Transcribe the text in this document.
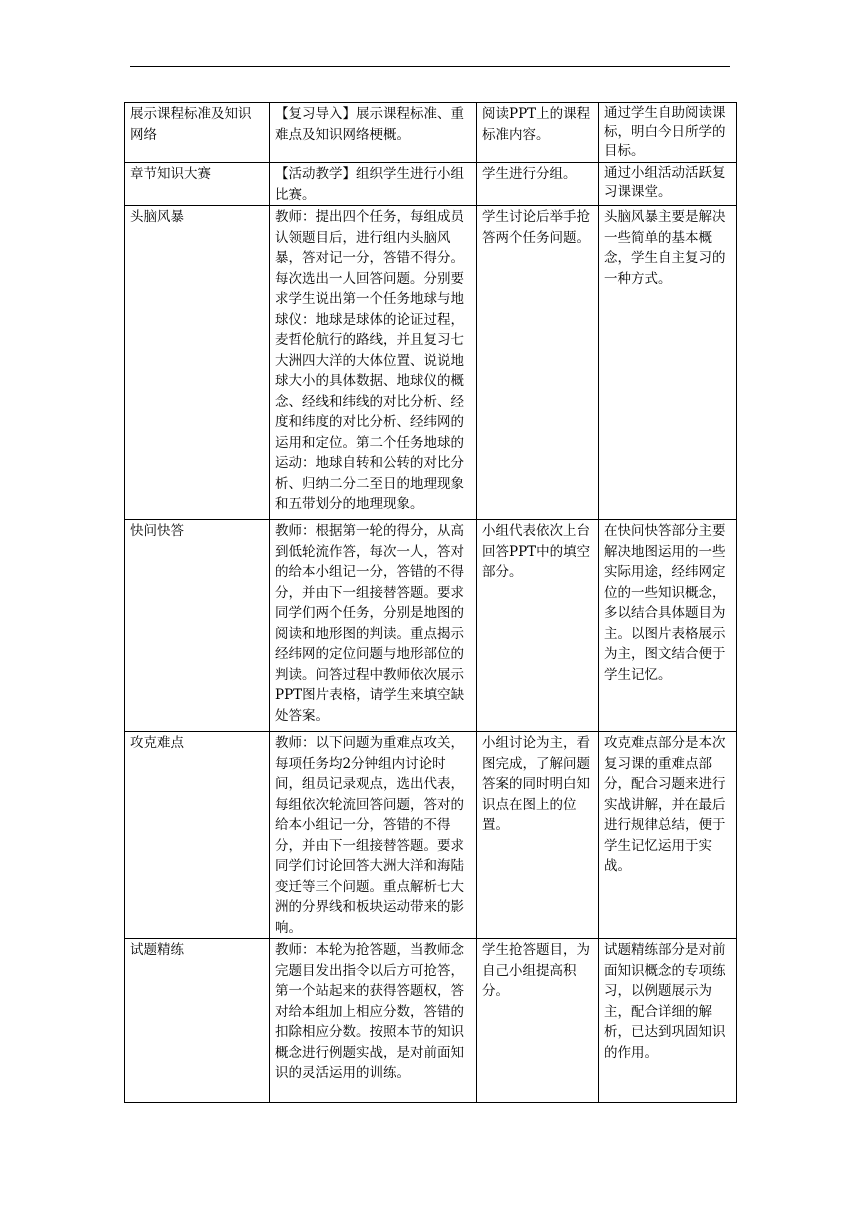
展示课程标准及知识网络	【复习导入】展示课程标准、重难点及知识网络梗概。	阅读PPT上的课程标准内容。	通过学生自助阅读课标，明白今日所学的目标。
章节知识大赛	【活动教学】组织学生进行小组比赛。	学生进行分组。	通过小组活动活跃复习课课堂。
头脑风暴	教师：提出四个任务，每组成员认领题目后，进行组内头脑风暴，答对记一分，答错不得分。每次选出一人回答问题。分别要求学生说出第一个任务地球与地球仪：地球是球体的论证过程，麦哲伦航行的路线，并且复习七大洲四大洋的大体位置、说说地球大小的具体数据、地球仪的概念、经线和纬线的对比分析、经度和纬度的对比分析、经纬网的运用和定位。第二个任务地球的运动：地球自转和公转的对比分析、归纳二分二至日的地理现象和五带划分的地理现象。	学生讨论后举手抢答两个任务问题。	头脑风暴主要是解决一些简单的基本概念，学生自主复习的一种方式。
快问快答	教师：根据第一轮的得分，从高到低轮流作答，每次一人，答对的给本小组记一分，答错的不得分，并由下一组接替答题。要求同学们两个任务，分别是地图的阅读和地形图的判读。重点揭示经纬网的定位问题与地形部位的判读。问答过程中教师依次展示PPT图片表格，请学生来填空缺处答案。	小组代表依次上台回答PPT中的填空部分。	在快问快答部分主要解决地图运用的一些实际用途，经纬网定位的一些知识概念，多以结合具体题目为主。以图片表格展示为主，图文结合便于学生记忆。
攻克难点	教师：以下问题为重难点攻关，每项任务均2分钟组内讨论时间，组员记录观点，选出代表，每组依次轮流回答问题，答对的给本小组记一分，答错的不得分，并由下一组接替答题。要求同学们讨论回答大洲大洋和海陆变迁等三个问题。重点解析七大洲的分界线和板块运动带来的影响。	小组讨论为主，看图完成，了解问题答案的同时明白知识点在图上的位置。	攻克难点部分是本次复习课的重难点部分，配合习题来进行实战讲解，并在最后进行规律总结，便于学生记忆运用于实战。
试题精练	教师：本轮为抢答题，当教师念完题目发出指令以后方可抢答，第一个站起来的获得答题权，答对给本组加上相应分数，答错的扣除相应分数。按照本节的知识概念进行例题实战，是对前面知识的灵活运用的训练。	学生抢答题目，为自己小组提高积分。	试题精练部分是对前面知识概念的专项练习，以例题展示为主，配合详细的解析，已达到巩固知识的作用。
